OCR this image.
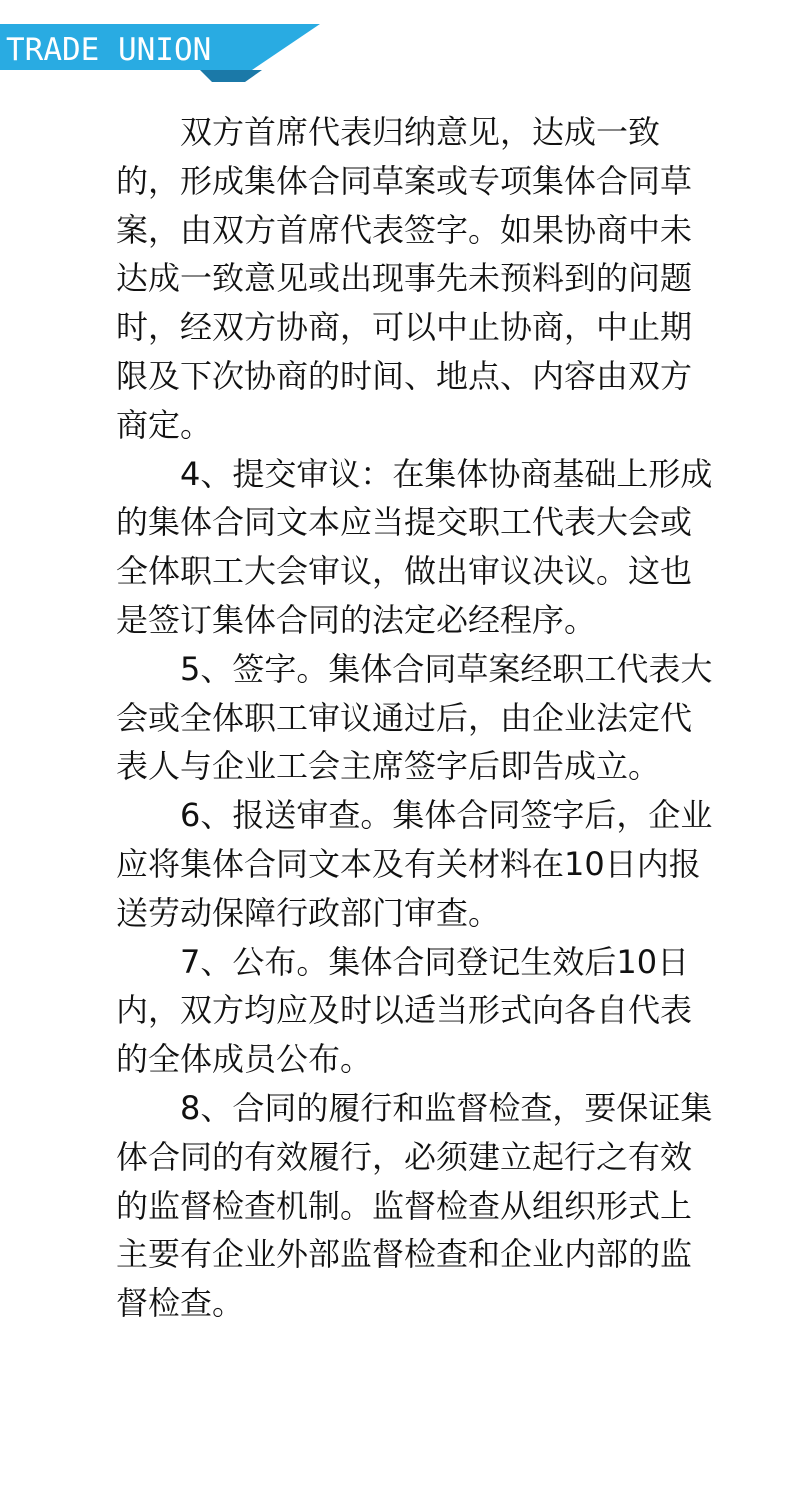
TRADE UNION

双方首席代表归纳意见，达成一致的，形成集体合同草案或专项集体合同草案，由双方首席代表签字。如果协商中未达成一致意见或出现事先未预料到的问题时，经双方协商，可以中止协商，中止期限及下次协商的时间、地点、内容由双方商定。

4、提交审议：在集体协商基础上形成的集体合同文本应当提交职工代表大会或全体职工大会审议，做出审议决议。这也是签订集体合同的法定必经程序。

5、签字。集体合同草案经职工代表大会或全体职工审议通过后，由企业法定代表人与企业工会主席签字后即告成立。

6、报送审查。集体合同签字后，企业应将集体合同文本及有关材料在10日内报送劳动保障行政部门审查。

7、公布。集体合同登记生效后10日内，双方均应及时以适当形式向各自代表的全体成员公布。

8、合同的履行和监督检查，要保证集体合同的有效履行，必须建立起行之有效的监督检查机制。监督检查从组织形式上主要有企业外部监督检查和企业内部的监督检查。
